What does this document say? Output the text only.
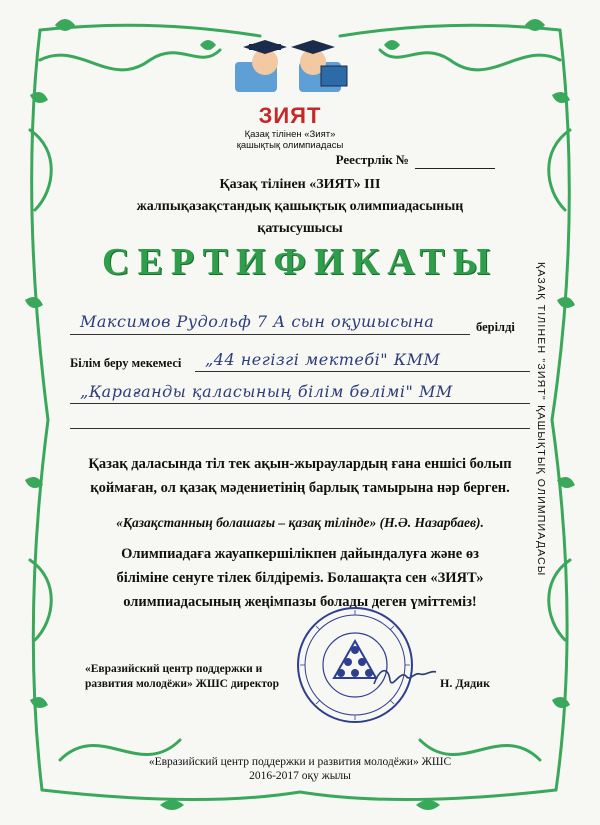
ЗИЯТ
Қазақ тілінен «Зият»
қашықтық олимпиадасы
Реестрлік №
Қазақ тілінен «ЗИЯТ» ІІІ
жалпықазақстандық қашықтық олимпиадасының
қатысушысы
СЕРТИФИКАТЫ
Максимов Рудольф 7 А сын оқушысына	берілді
Білім беру мекемесі „44 негізгі мектебі" КММ
„Қарағанды қаласының білім бөлімі" ММ
Қазақ даласында тіл тек ақын-жыраулардың ғана еншісі болып
қоймаған, ол қазақ мәдениетінің барлық тамырына нәр берген.
«Қазақстанның болашағы – қазақ тілінде» (Н.Ә. Назарбаев).
Олимпиадаға жауапкершілікпен дайындалуға және өз
біліміне сенуге тілек білдіреміз. Болашақта сен «ЗИЯТ»
олимпиадасының жеңімпазы болады деген үміттеміз!
«Евразийский центр поддержки и
развития молодёжи» ЖШС директор	Н. Дядик
«Евразийский центр поддержки и развития молодёжи» ЖШС
2016-2017 оқу жылы
ҚАЗАҚ ТІЛІНЕН "ЗИЯТ" ҚАШЫҚТЫҚ ОЛИМПИАДАСЫ
